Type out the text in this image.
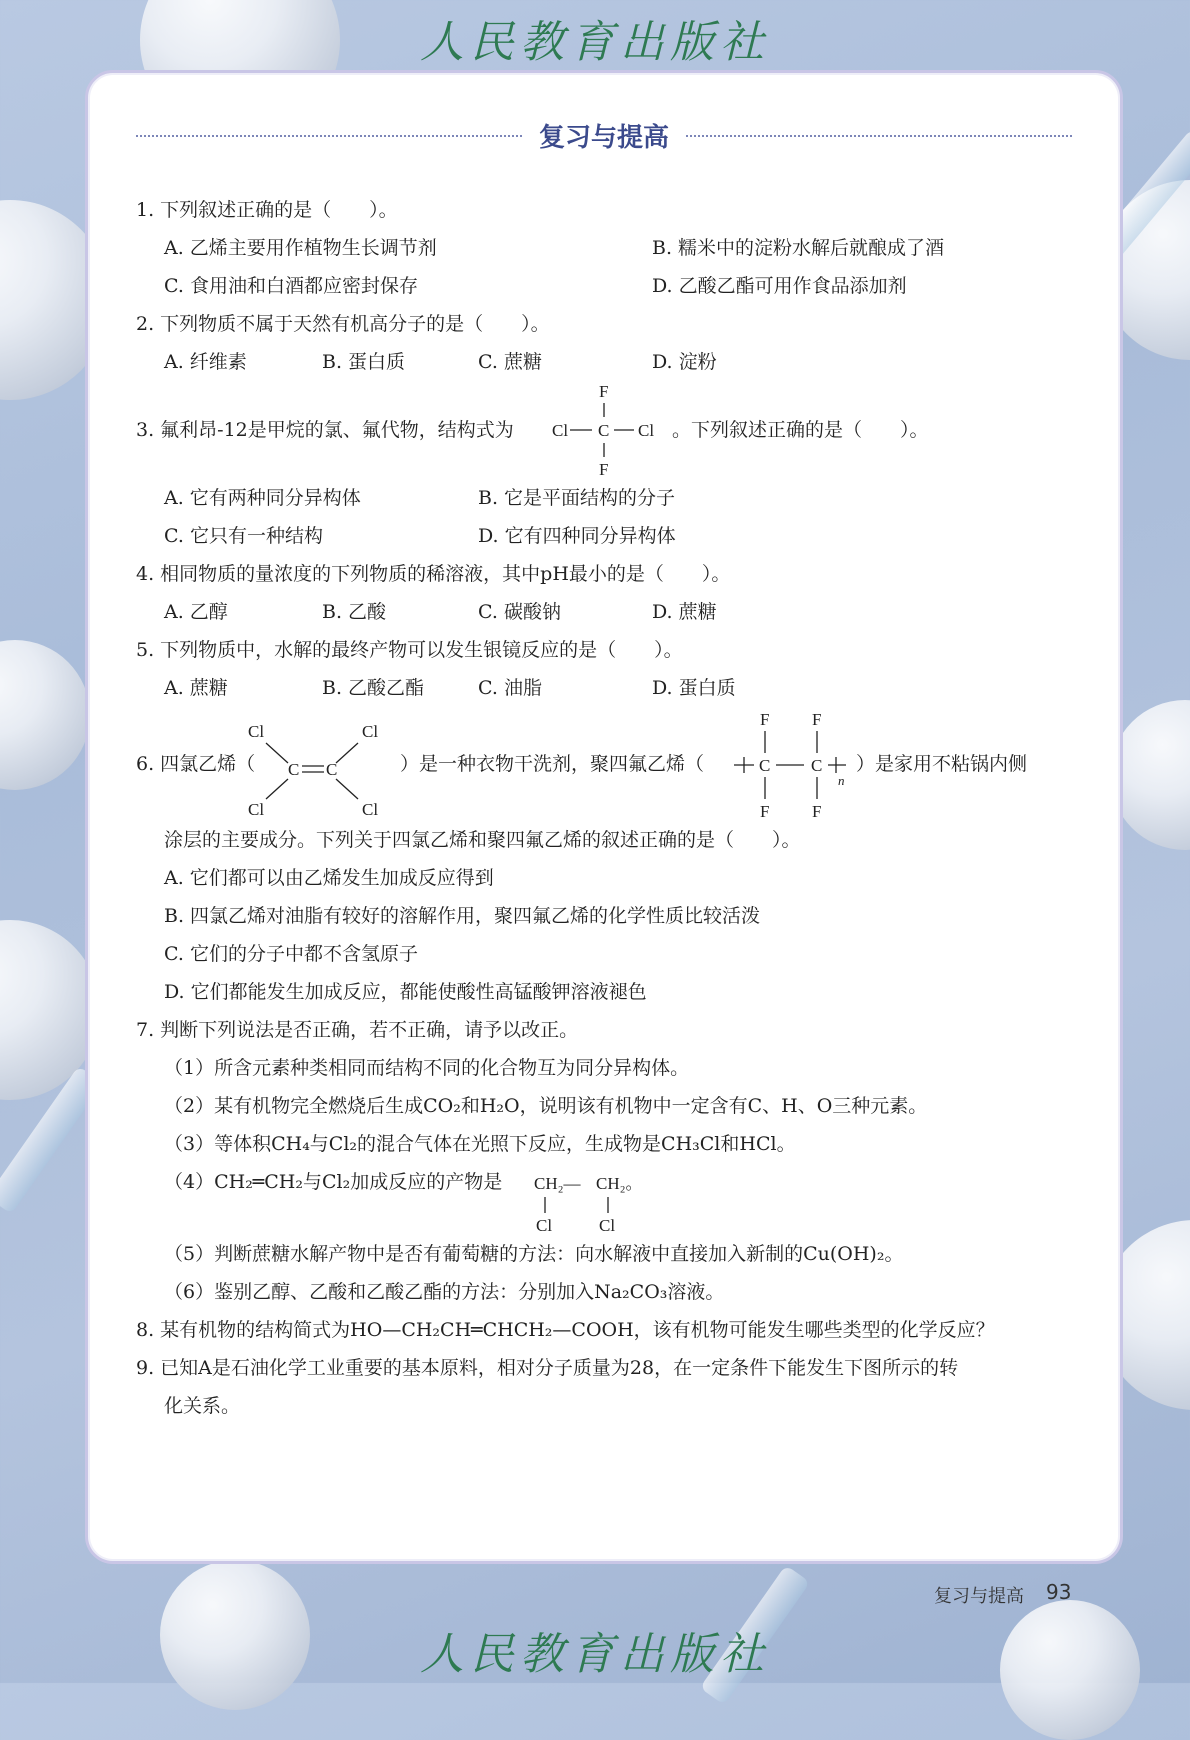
人民教育出版社
人民教育出版社
复习与提高
1. 下列叙述正确的是（　　）。
A. 乙烯主要用作植物生长调节剂	B. 糯米中的淀粉水解后就酿成了酒
C. 食用油和白酒都应密封保存	D. 乙酸乙酯可用作食品添加剂
2. 下列物质不属于天然有机高分子的是（　　）。
A. 纤维素	B. 蛋白质	C. 蔗糖	D. 淀粉
3. 氟利昂-12是甲烷的氯、氟代物，结构式为
F
Cl C Cl
F
。下列叙述正确的是（　　）。
A. 它有两种同分异构体	B. 它是平面结构的分子
C. 它只有一种结构	D. 它有四种同分异构体
4. 相同物质的量浓度的下列物质的稀溶液，其中pH最小的是（　　）。
A. 乙醇	B. 乙酸	C. 碳酸钠	D. 蔗糖
5. 下列物质中，水解的最终产物可以发生银镜反应的是（　　）。
A. 蔗糖	B. 乙酸乙酯	C. 油脂	D. 蛋白质
6. 四氯乙烯（
Cl	Cl
C C
Cl	Cl
）是一种衣物干洗剂，聚四氟乙烯（
F	F
C C
n
F	F
）是家用不粘锅内侧
涂层的主要成分。下列关于四氯乙烯和聚四氟乙烯的叙述正确的是（　　）。
A. 它们都可以由乙烯发生加成反应得到
B. 四氯乙烯对油脂有较好的溶解作用，聚四氟乙烯的化学性质比较活泼
C. 它们的分子中都不含氢原子
D. 它们都能发生加成反应，都能使酸性高锰酸钾溶液褪色
7. 判断下列说法是否正确，若不正确，请予以改正。
（1）所含元素种类相同而结构不同的化合物互为同分异构体。
（2）某有机物完全燃烧后生成CO₂和H₂O，说明该有机物中一定含有C、H、O三种元素。
（3）等体积CH₄与Cl₂的混合气体在光照下反应，生成物是CH₃Cl和HCl。
（4）CH₂═CH₂与Cl₂加成反应的产物是 CH₂— CH₂。
Cl	Cl
（5）判断蔗糖水解产物中是否有葡萄糖的方法：向水解液中直接加入新制的Cu(OH)₂。
（6）鉴别乙醇、乙酸和乙酸乙酯的方法：分别加入Na₂CO₃溶液。
8. 某有机物的结构简式为HO—CH₂CH═CHCH₂—COOH，该有机物可能发生哪些类型的化学反应？
9. 已知A是石油化学工业重要的基本原料，相对分子质量为28，在一定条件下能发生下图所示的转
化关系。
复习与提高 93
